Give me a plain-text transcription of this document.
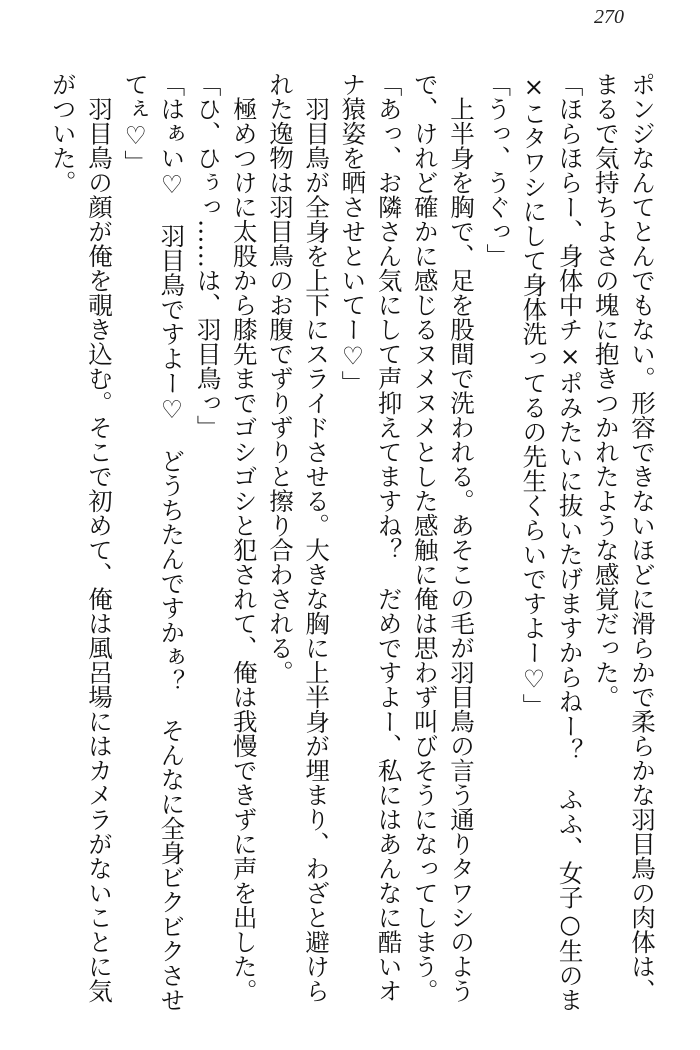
270
ポンジなんてとんでもない。形容できないほどに滑らかで柔らかな羽目鳥の肉体は、
まるで気持ちよさの塊に抱きつかれたような感覚だった。
「ほらほらー、身体中チ×ポみたいに抜いたげますからねー？　ふふ、女子○生のま
×こタワシにして身体洗ってるの先生くらいですよー♡」
「うっ、うぐっ」
　上半身を胸で、足を股間で洗われる。あそこの毛が羽目鳥の言う通りタワシのよう
で、けれど確かに感じるヌメヌメとした感触に俺は思わず叫びそうになってしまう。
「あっ、お隣さん気にして声抑えてますね？　だめですよー、私にはあんなに酷いオ
ナ猿姿を晒させといてー♡」
　羽目鳥が全身を上下にスライドさせる。大きな胸に上半身が埋まり、わざと避けら
れた逸物は羽目鳥のお腹でずりずりと擦り合わされる。
　極めつけに太股から膝先までゴシゴシと犯されて、俺は我慢できずに声を出した。
「ひ、ひぅっ……は、羽目鳥っ」
「はぁい♡　羽目鳥ですよー♡　どうちたんですかぁ？　そんなに全身ビクビクさせ
てぇ♡」
　羽目鳥の顔が俺を覗き込む。そこで初めて、俺は風呂場にはカメラがないことに気
がついた。
